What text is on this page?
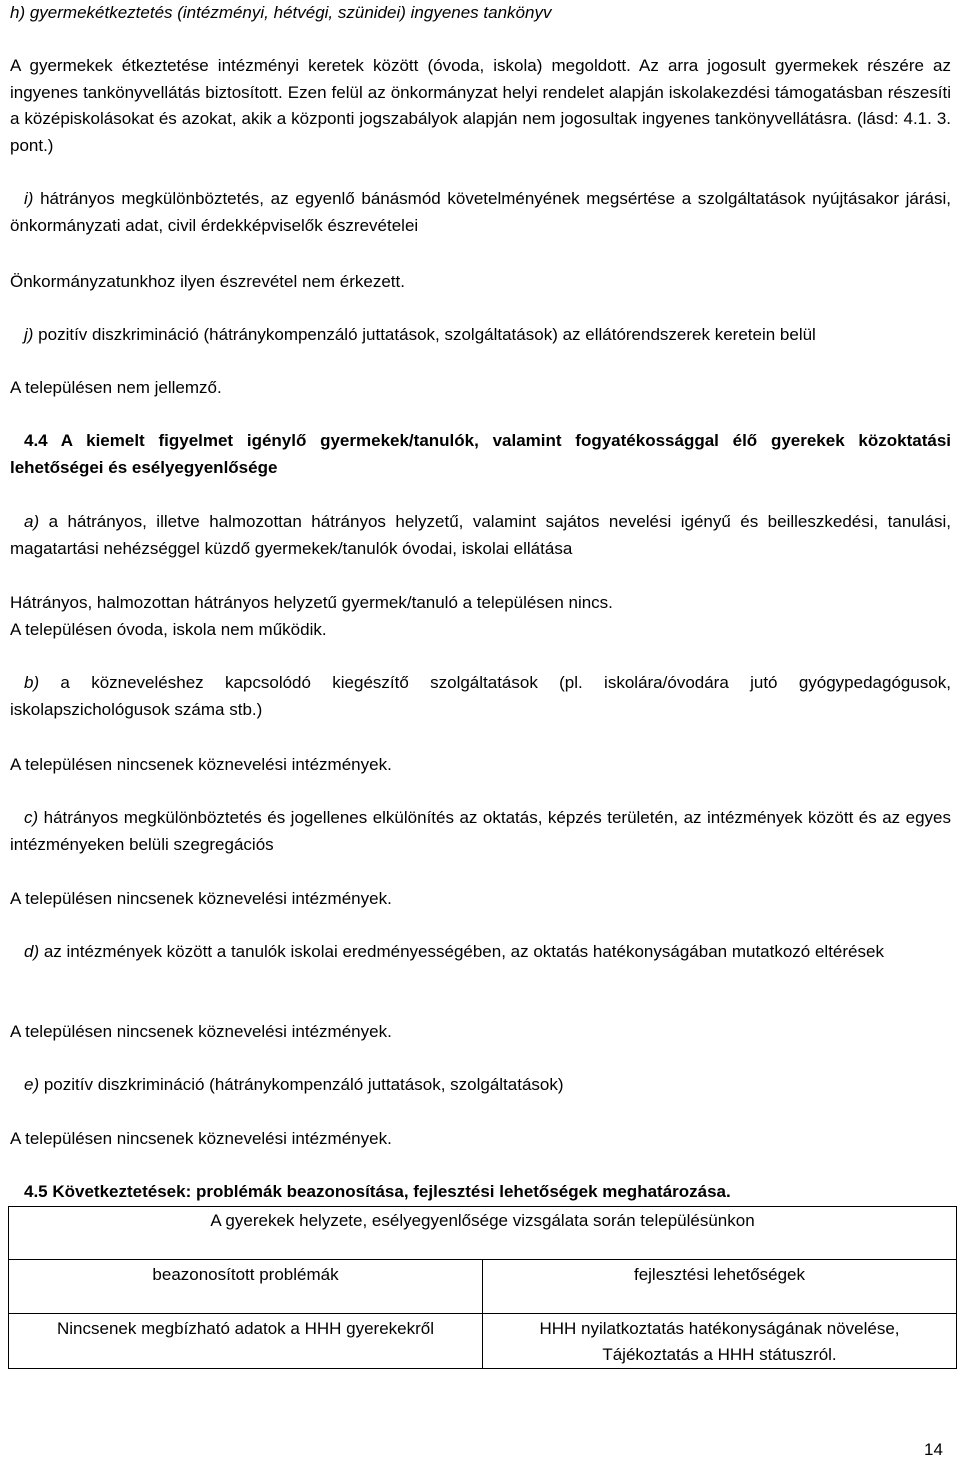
h) gyermekétkeztetés (intézményi, hétvégi, szünidei) ingyenes tankönyv

A gyermekek étkeztetése intézményi keretek között (óvoda, iskola) megoldott. Az arra jogosult gyermekek részére az ingyenes tankönyvellátás biztosított. Ezen felül az önkormányzat helyi rendelet alapján iskolakezdési támogatásban részesíti a középiskolásokat és azokat, akik a központi jogszabályok alapján nem jogosultak ingyenes tankönyvellátásra. (lásd: 4.1. 3. pont.)

i) hátrányos megkülönböztetés, az egyenlő bánásmód követelményének megsértése a szolgáltatások nyújtásakor járási, önkormányzati adat, civil érdekképviselők észrevételei

Önkormányzatunkhoz ilyen észrevétel nem érkezett.

j) pozitív diszkrimináció (hátránykompenzáló juttatások, szolgáltatások) az ellátórendszerek keretein belül

A településen nem jellemző.

4.4 A kiemelt figyelmet igénylő gyermekek/tanulók, valamint fogyatékossággal élő gyerekek közoktatási lehetőségei és esélyegyenlősége

a) a hátrányos, illetve halmozottan hátrányos helyzetű, valamint sajátos nevelési igényű és beilleszkedési, tanulási, magatartási nehézséggel küzdő gyermekek/tanulók óvodai, iskolai ellátása

Hátrányos, halmozottan hátrányos helyzetű gyermek/tanuló a településen nincs.

A településen óvoda, iskola nem működik.

b) a közneveléshez kapcsolódó kiegészítő szolgáltatások (pl. iskolára/óvodára jutó gyógypedagógusok, iskolapszichológusok száma stb.)

A településen nincsenek köznevelési intézmények.

c) hátrányos megkülönböztetés és jogellenes elkülönítés az oktatás, képzés területén, az intézmények között és az egyes intézményeken belüli szegregációs

A településen nincsenek köznevelési intézmények.

d) az intézmények között a tanulók iskolai eredményességében, az oktatás hatékonyságában mutatkozó eltérések

A településen nincsenek köznevelési intézmények.

e) pozitív diszkrimináció (hátránykompenzáló juttatások, szolgáltatások)

A településen nincsenek köznevelési intézmények.

4.5 Következtetések: problémák beazonosítása, fejlesztési lehetőségek meghatározása.

A gyerekek helyzete, esélyegyenlősége vizsgálata során településünkon	
beazonosított problémák	fejlesztési lehetőségek
Nincsenek megbízható adatok a HHH gyerekekről	HHH nyilatkoztatás hatékonyságának növelése,
Tájékoztatás a HHH státuszról.
14
